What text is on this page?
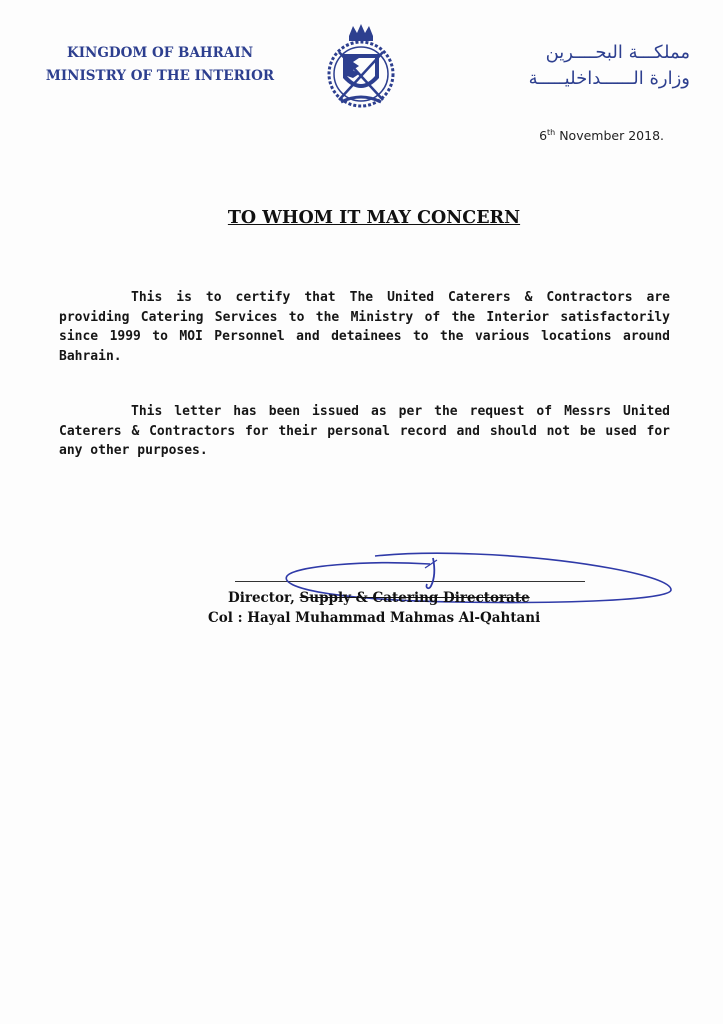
KINGDOM OF BAHRAIN
MINISTRY OF THE INTERIOR
مملكـــة البحــــرين
وزارة الــــــداخليـــــة
6th November 2018.
TO WHOM IT MAY CONCERN
This is to certify that The United Caterers & Contractors are providing Catering Services to the Ministry of the Interior satisfactorily since 1999 to MOI Personnel and detainees to the various locations around Bahrain.
This letter has been issued as per the request of Messrs United Caterers & Contractors for their personal record and should not be used for any other purposes.
Director, Supply & Catering Directorate
Col : Hayal Muhammad Mahmas Al-Qahtani
